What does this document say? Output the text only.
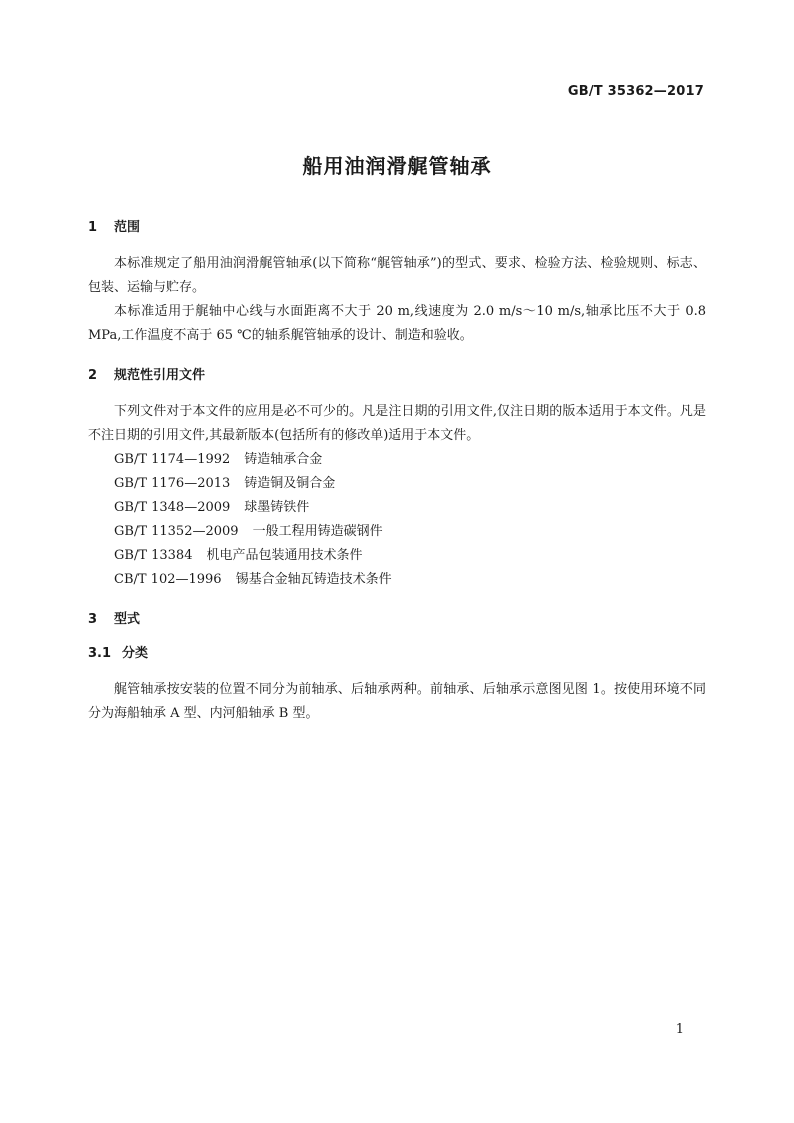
GB/T 35362—2017
船用油润滑艉管轴承
1 范围

本标准规定了船用油润滑艉管轴承(以下简称“艉管轴承”)的型式、要求、检验方法、检验规则、标志、包装、运输与贮存。

本标准适用于艉轴中心线与水面距离不大于 20 m,线速度为 2.0 m/s～10 m/s,轴承比压不大于 0.8 MPa,工作温度不高于 65 ℃的轴系艉管轴承的设计、制造和验收。

2 规范性引用文件

下列文件对于本文件的应用是必不可少的。凡是注日期的引用文件,仅注日期的版本适用于本文件。凡是不注日期的引用文件,其最新版本(包括所有的修改单)适用于本文件。

GB/T 1174—1992 铸造轴承合金
GB/T 1176—2013 铸造铜及铜合金
GB/T 1348—2009 球墨铸铁件
GB/T 11352—2009 一般工程用铸造碳钢件
GB/T 13384 机电产品包装通用技术条件
CB/T 102—1996 锡基合金轴瓦铸造技术条件
3 型式
3.1 分类

艉管轴承按安装的位置不同分为前轴承、后轴承两种。前轴承、后轴承示意图见图 1。按使用环境不同分为海船轴承 A 型、内河船轴承 B 型。

1
